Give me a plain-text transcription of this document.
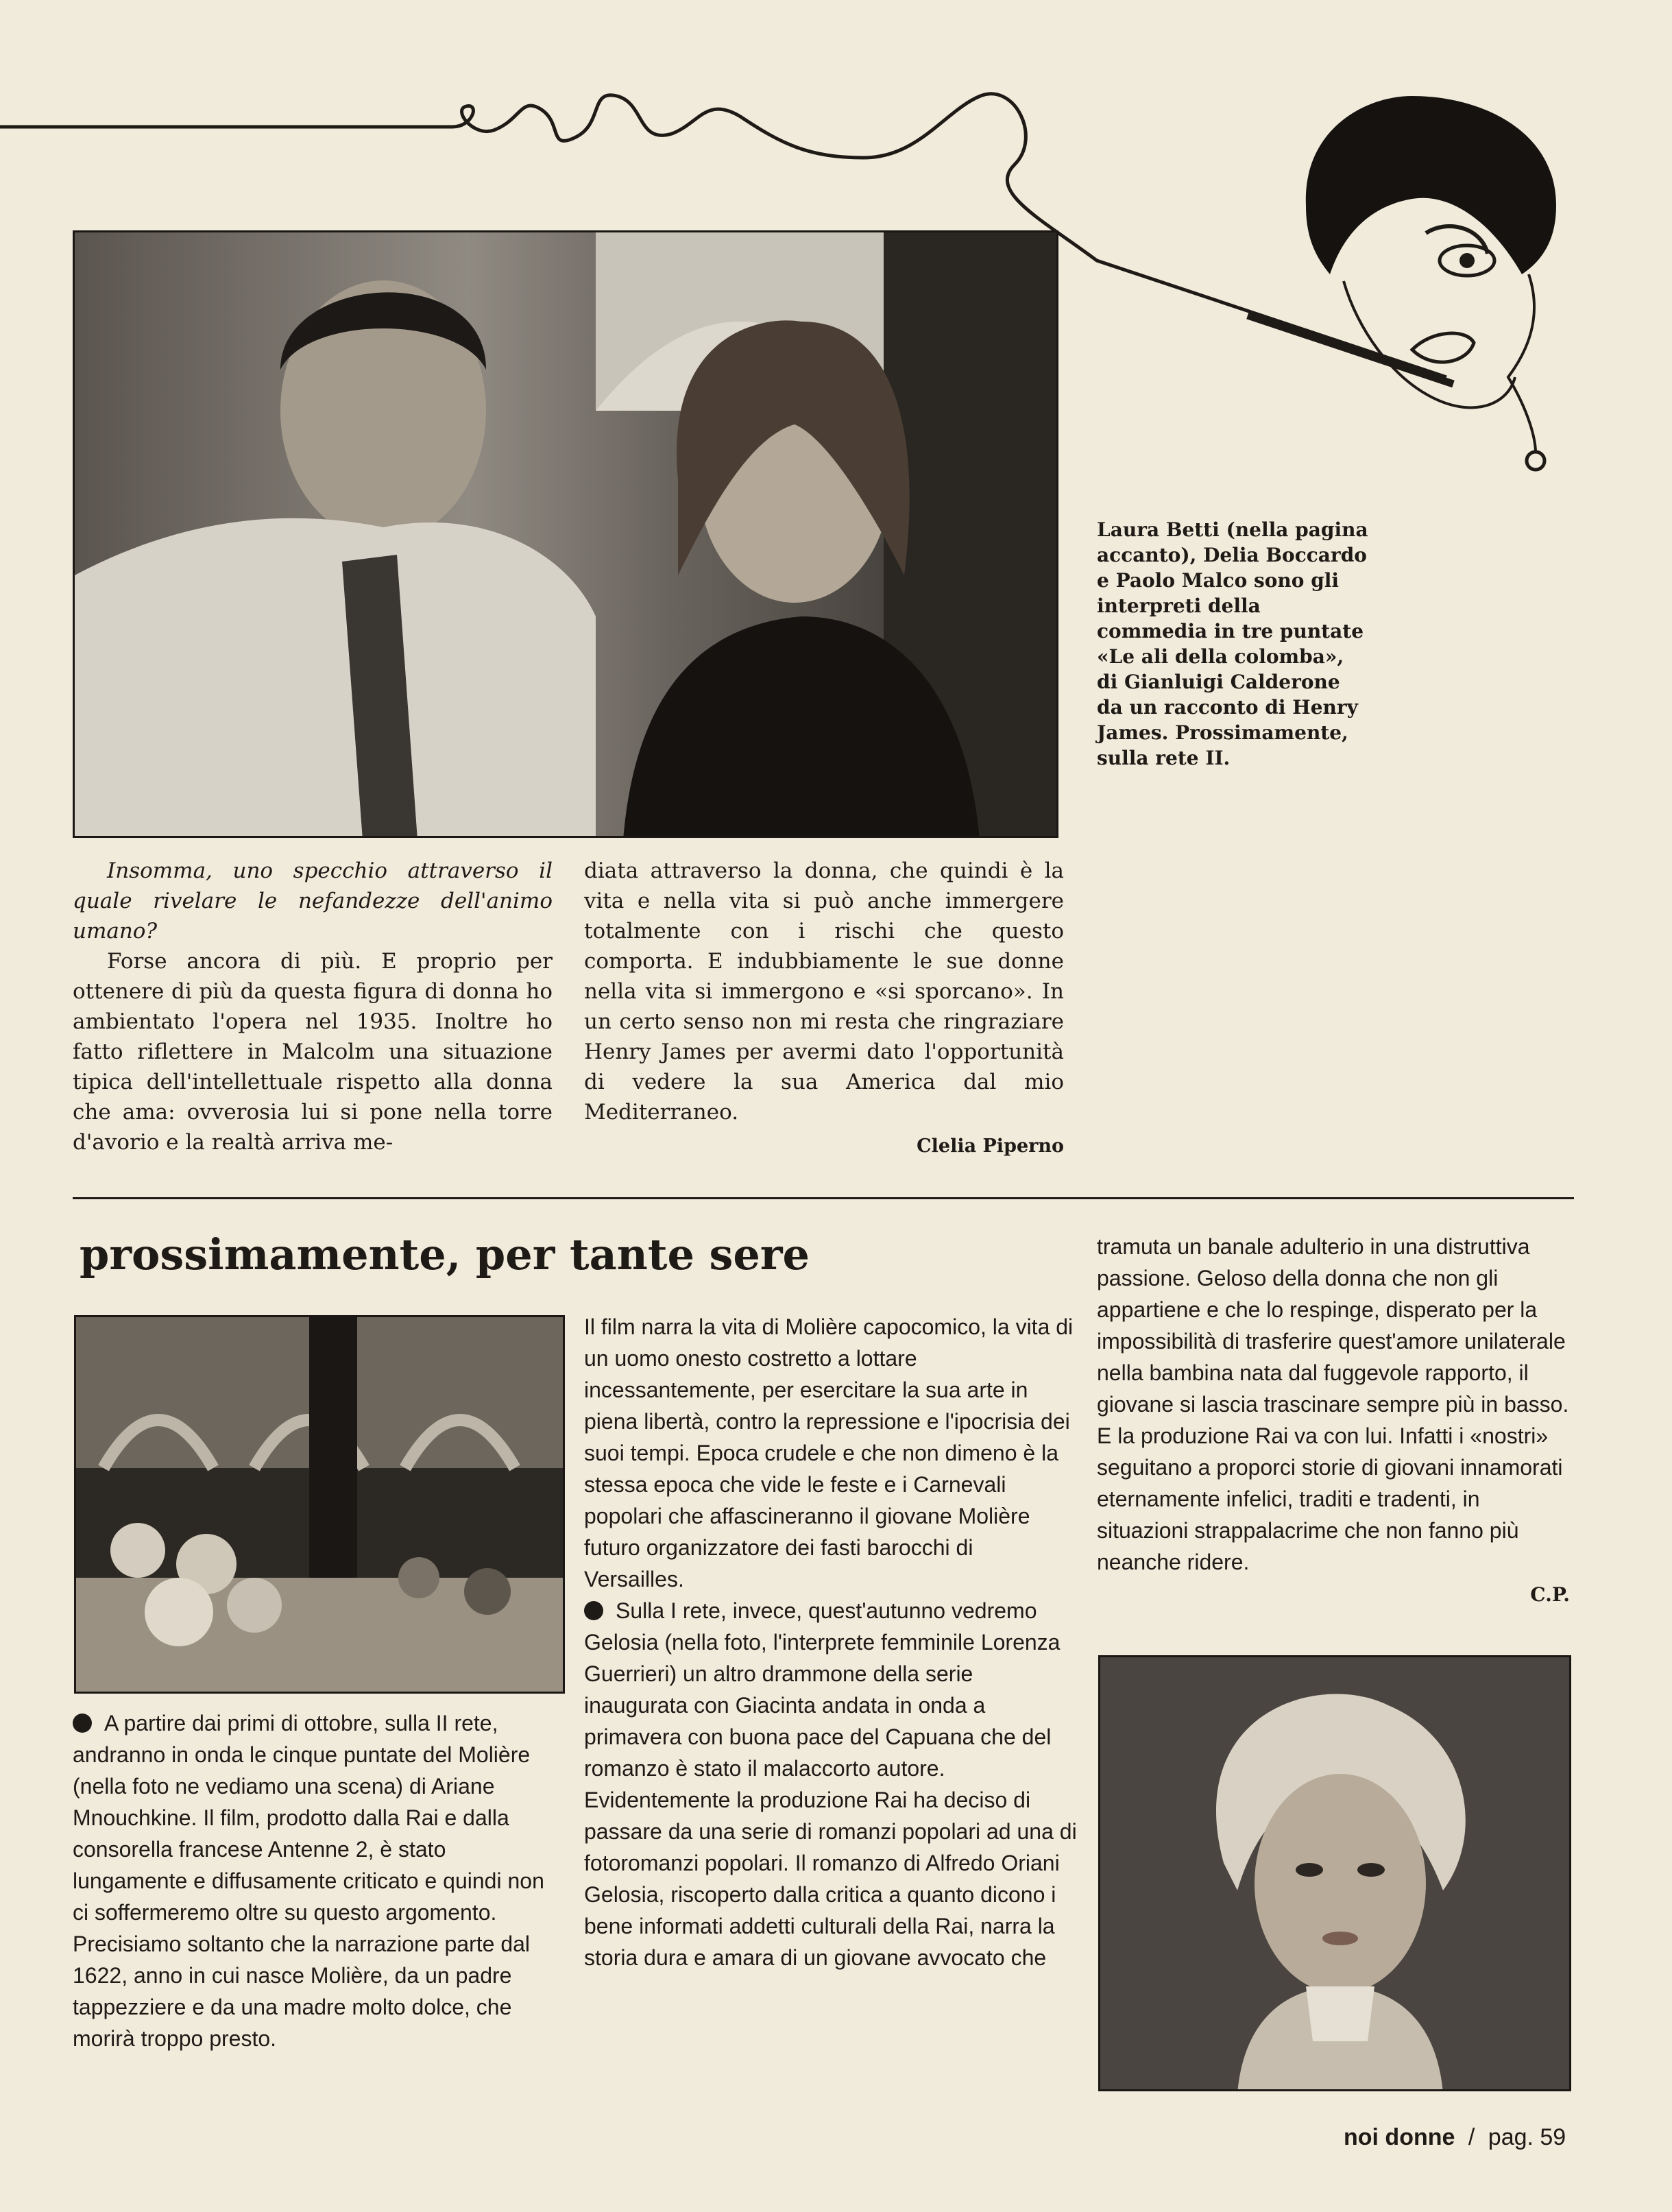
Laura Betti (nella pagina accanto), Delia Boccardo e Paolo Malco sono gli interpreti della commedia in tre puntate «Le ali della colomba», di Gianluigi Calderone da un racconto di Henry James. Prossimamente, sulla rete II.

Insomma, uno specchio attraverso il quale rivelare le nefandezze dell'animo umano?

Forse ancora di più. E proprio per ottenere di più da questa figura di donna ho ambientato l'opera nel 1935. Inoltre ho fatto riflettere in Malcolm una situazione tipica dell'intellettuale rispetto alla donna che ama: ovverosia lui si pone nella torre d'avorio e la realtà arriva me-

diata attraverso la donna, che quindi è la vita e nella vita si può anche immergere totalmente con i rischi che questo comporta. E indubbiamente le sue donne nella vita si immergono e «si sporcano». In un certo senso non mi resta che ringraziare Henry James per avermi dato l'opportunità di vedere la sua America dal mio Mediterraneo.

Clelia Piperno

prossimamente, per tante sere
A partire dai primi di ottobre, sulla II rete, andranno in onda le cinque puntate del Molière (nella foto ne vediamo una scena) di Ariane Mnouchkine. Il film, prodotto dalla Rai e dalla consorella francese Antenne 2, è stato lungamente e diffusamente criticato e quindi non ci soffermeremo oltre su questo argomento. Precisiamo soltanto che la narrazione parte dal 1622, anno in cui nasce Molière, da un padre tappezziere e da una madre molto dolce, che morirà troppo presto.

Il film narra la vita di Molière capocomico, la vita di un uomo onesto costretto a lottare incessantemente, per esercitare la sua arte in piena libertà, contro la repressione e l'ipocrisia dei suoi tempi. Epoca crudele e che non dimeno è la stessa epoca che vide le feste e i Carnevali popolari che affascineranno il giovane Molière futuro organizzatore dei fasti barocchi di Versailles.

Sulla I rete, invece, quest'autunno vedremo Gelosia (nella foto, l'interprete femminile Lorenza Guerrieri) un altro drammone della serie inaugurata con Giacinta andata in onda a primavera con buona pace del Capuana che del romanzo è stato il malaccorto autore. Evidentemente la produzione Rai ha deciso di passare da una serie di romanzi popolari ad una di fotoromanzi popolari. Il romanzo di Alfredo Oriani Gelosia, riscoperto dalla critica a quanto dicono i bene informati addetti culturali della Rai, narra la storia dura e amara di un giovane avvocato che

tramuta un banale adulterio in una distruttiva passione. Geloso della donna che non gli appartiene e che lo respinge, disperato per la impossibilità di trasferire quest'amore unilaterale nella bambina nata dal fuggevole rapporto, il giovane si lascia trascinare sempre più in basso. E la produzione Rai va con lui. Infatti i «nostri» seguitano a proporci storie di giovani innamorati eternamente infelici, traditi e tradenti, in situazioni strappalacrime che non fanno più neanche ridere.

C.P.

noi donne / pag. 59
